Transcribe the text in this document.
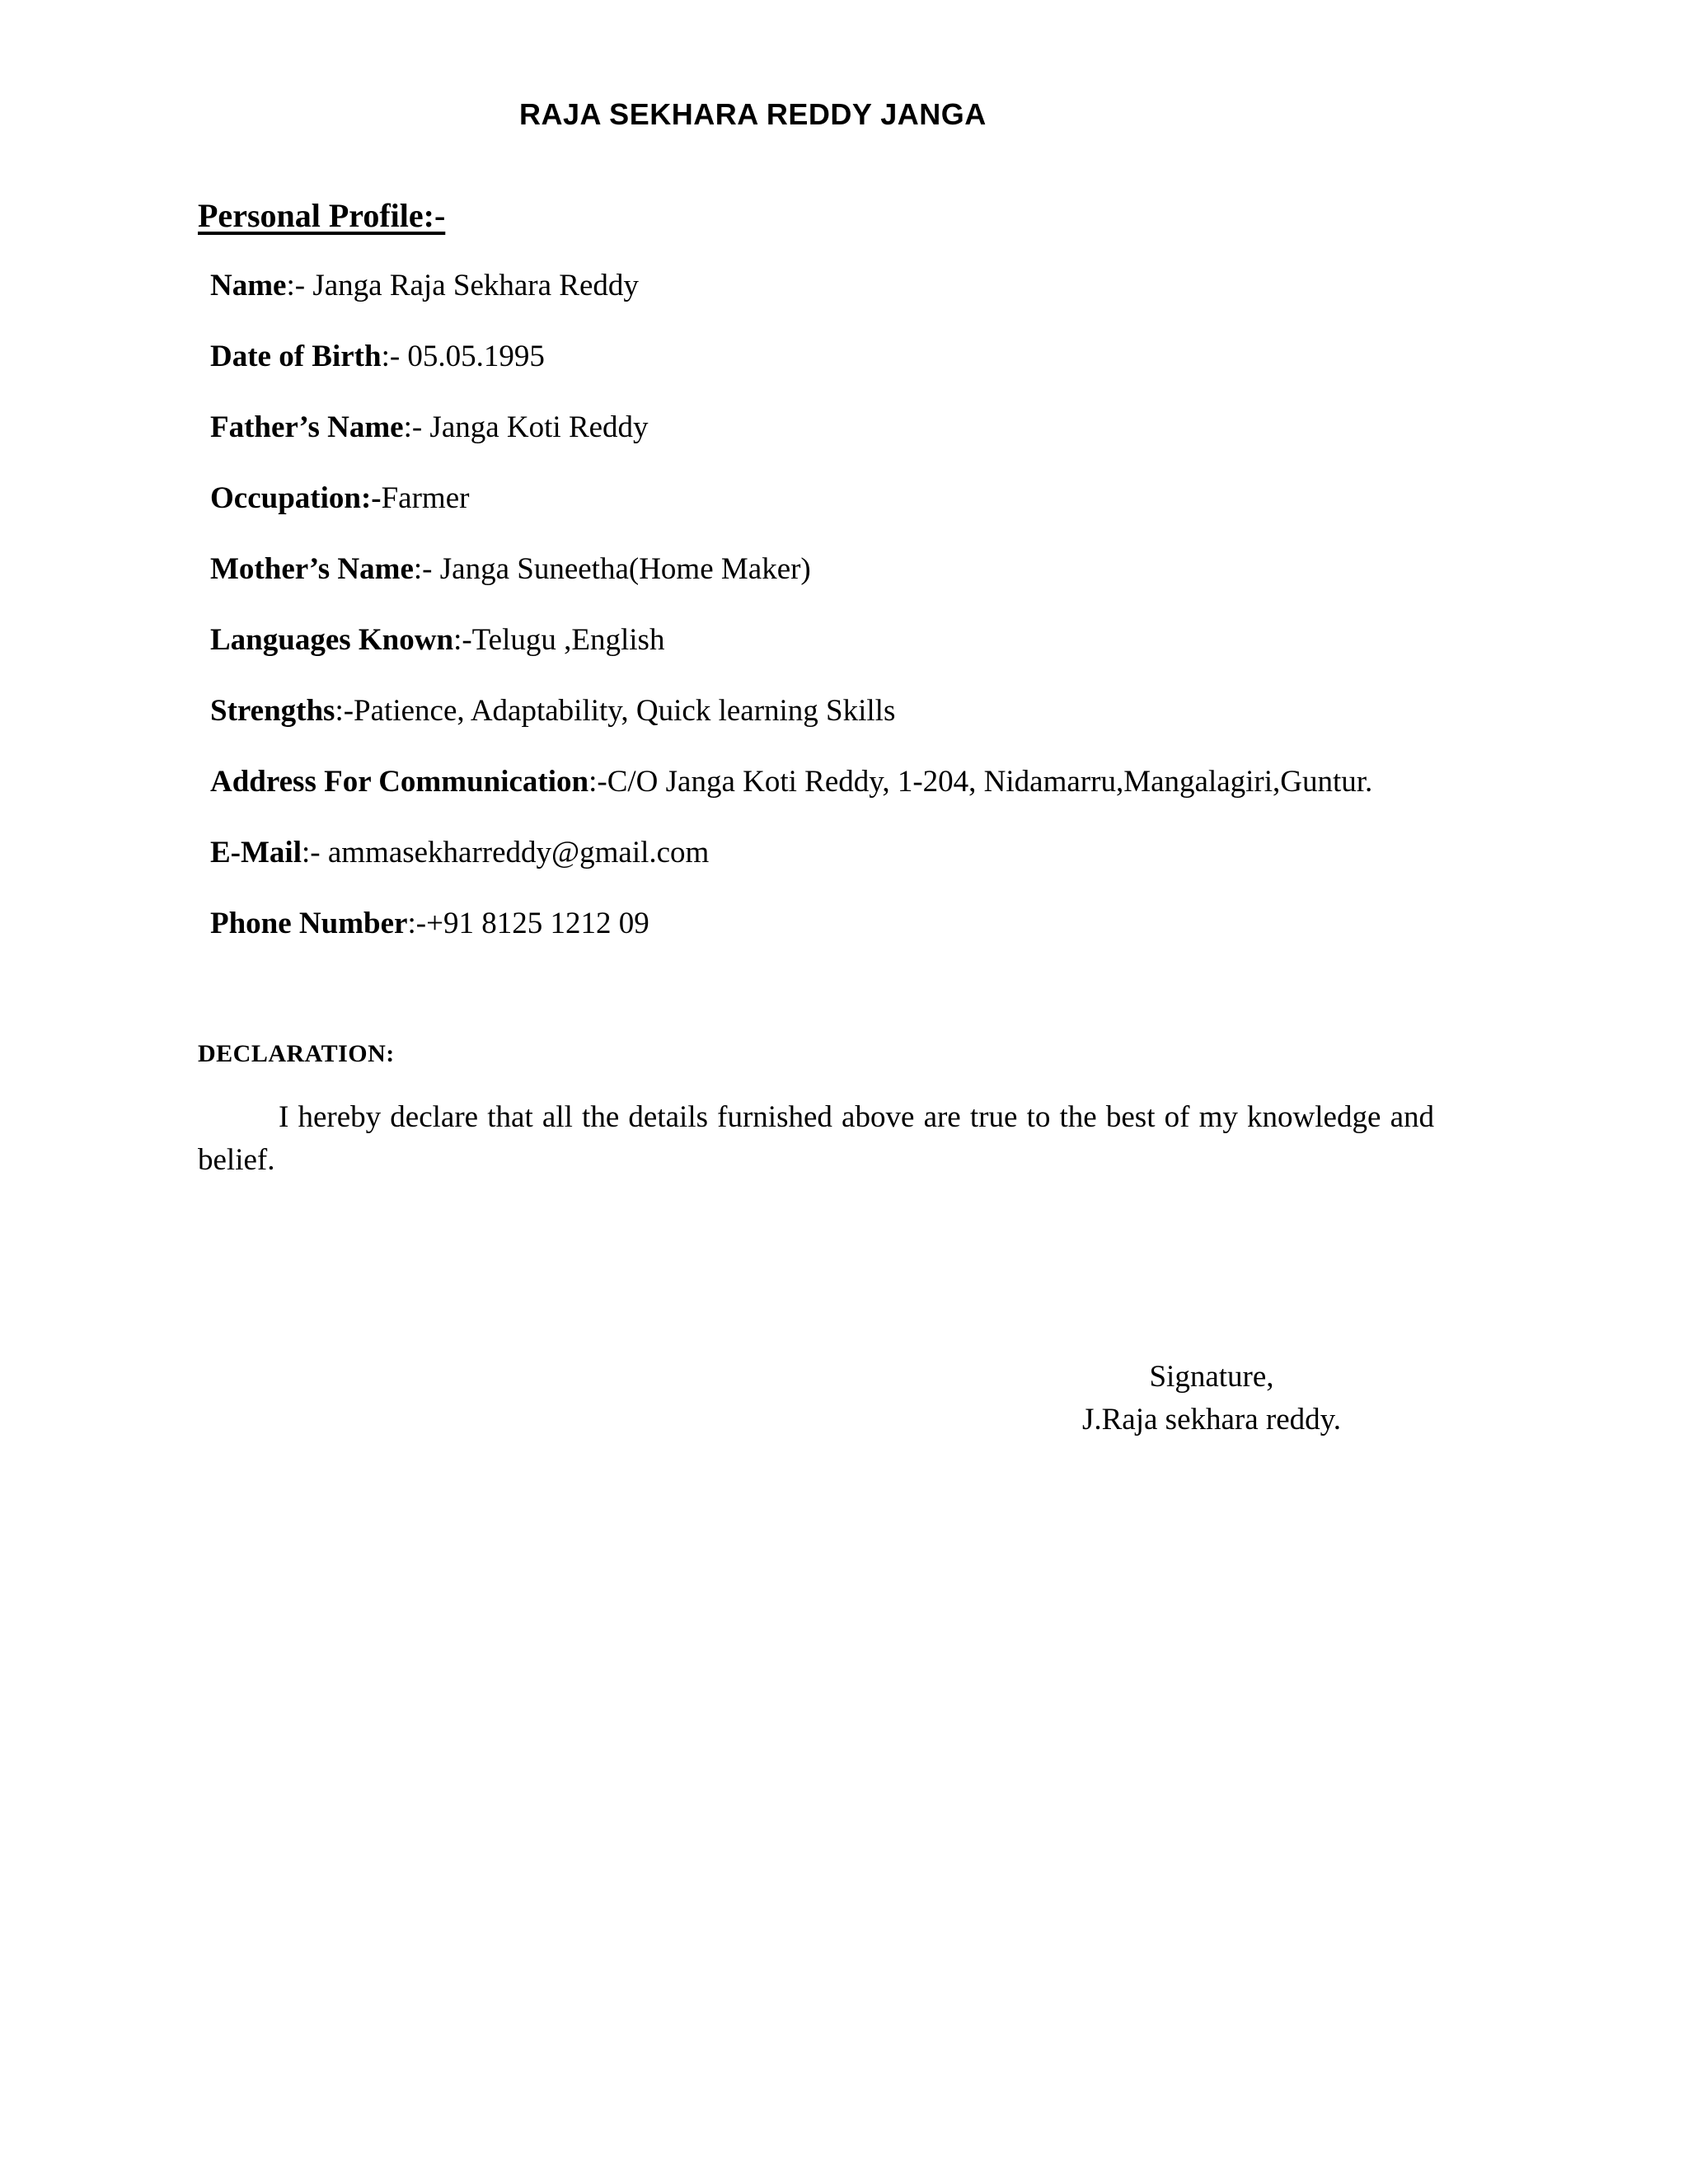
RAJA SEKHARA REDDY JANGA
Personal Profile:-
Name:- Janga Raja Sekhara Reddy
Date of Birth:- 05.05.1995
Father’s Name:- Janga Koti Reddy
Occupation:-Farmer
Mother’s Name:- Janga Suneetha(Home Maker)
Languages Known:-Telugu ,English
Strengths:-Patience, Adaptability, Quick learning Skills
Address For Communication:-C/O Janga Koti Reddy, 1-204, Nidamarru,Mangalagiri,Guntur.
E-Mail:- ammasekharreddy@gmail.com
Phone Number:-+91 8125 1212 09
DECLARATION:

I hereby declare that all the details furnished above are true to the best of my knowledge and belief.

Signature,
J.Raja sekhara reddy.
